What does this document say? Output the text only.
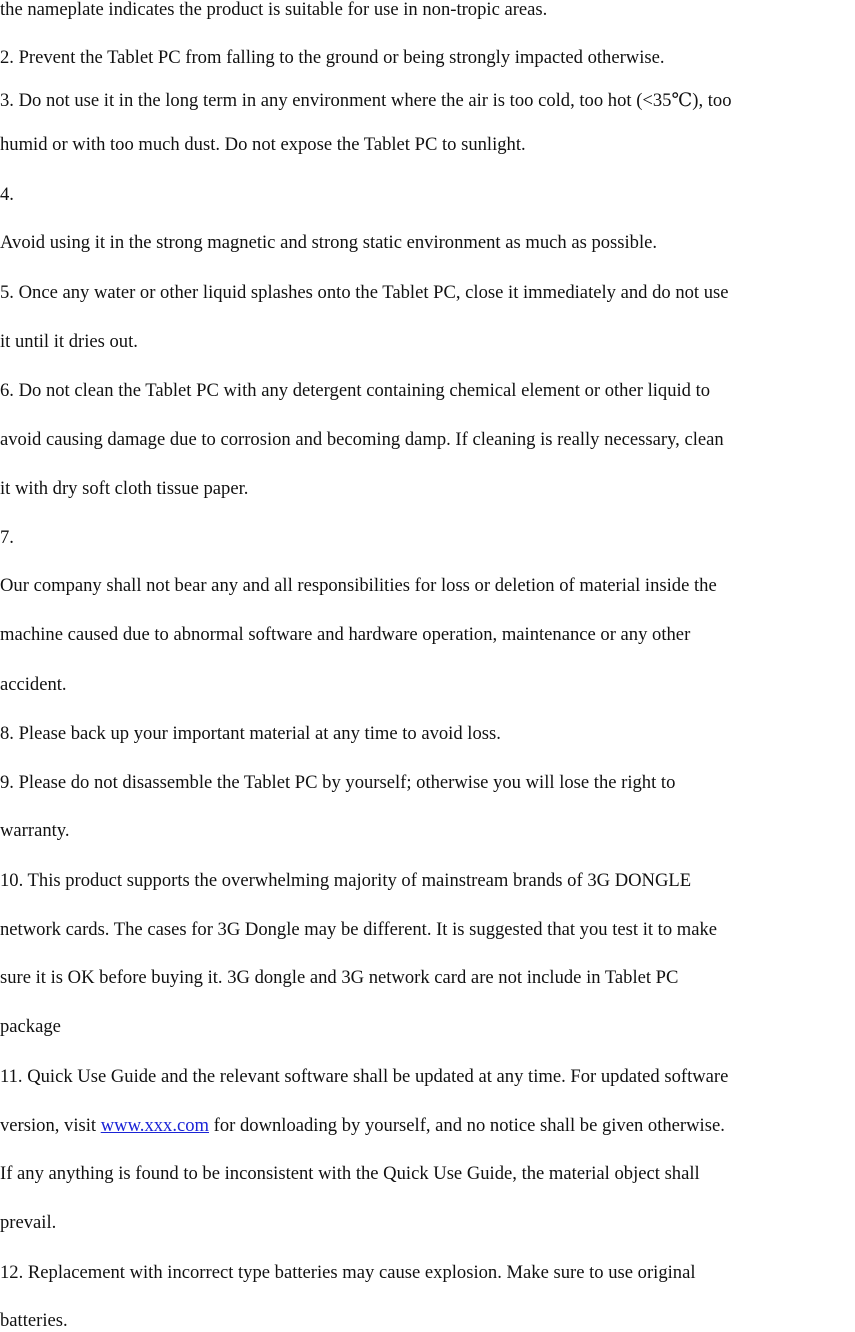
the nameplate indicates the product is suitable for use in non-tropic areas.

2. Prevent the Tablet PC from falling to the ground or being strongly impacted otherwise.

3. Do not use it in the long term in any environment where the air is too cold, too hot (<35℃), too

humid or with too much dust. Do not expose the Tablet PC to sunlight.

4.

Avoid using it in the strong magnetic and strong static environment as much as possible.

5. Once any water or other liquid splashes onto the Tablet PC, close it immediately and do not use

it until it dries out.

6. Do not clean the Tablet PC with any detergent containing chemical element or other liquid to

avoid causing damage due to corrosion and becoming damp. If cleaning is really necessary, clean

it with dry soft cloth tissue paper.

7.

Our company shall not bear any and all responsibilities for loss or deletion of material inside the

machine caused due to abnormal software and hardware operation, maintenance or any other

accident.

8. Please back up your important material at any time to avoid loss.

9. Please do not disassemble the Tablet PC by yourself; otherwise you will lose the right to

warranty.

10. This product supports the overwhelming majority of mainstream brands of 3G DONGLE

network cards. The cases for 3G Dongle may be different. It is suggested that you test it to make

sure it is OK before buying it. 3G dongle and 3G network card are not include in Tablet PC

package

11. Quick Use Guide and the relevant software shall be updated at any time. For updated software

version, visit www.xxx.com for downloading by yourself, and no notice shall be given otherwise.

If any anything is found to be inconsistent with the Quick Use Guide, the material object shall

prevail.

12. Replacement with incorrect type batteries may cause explosion. Make sure to use original

batteries.
